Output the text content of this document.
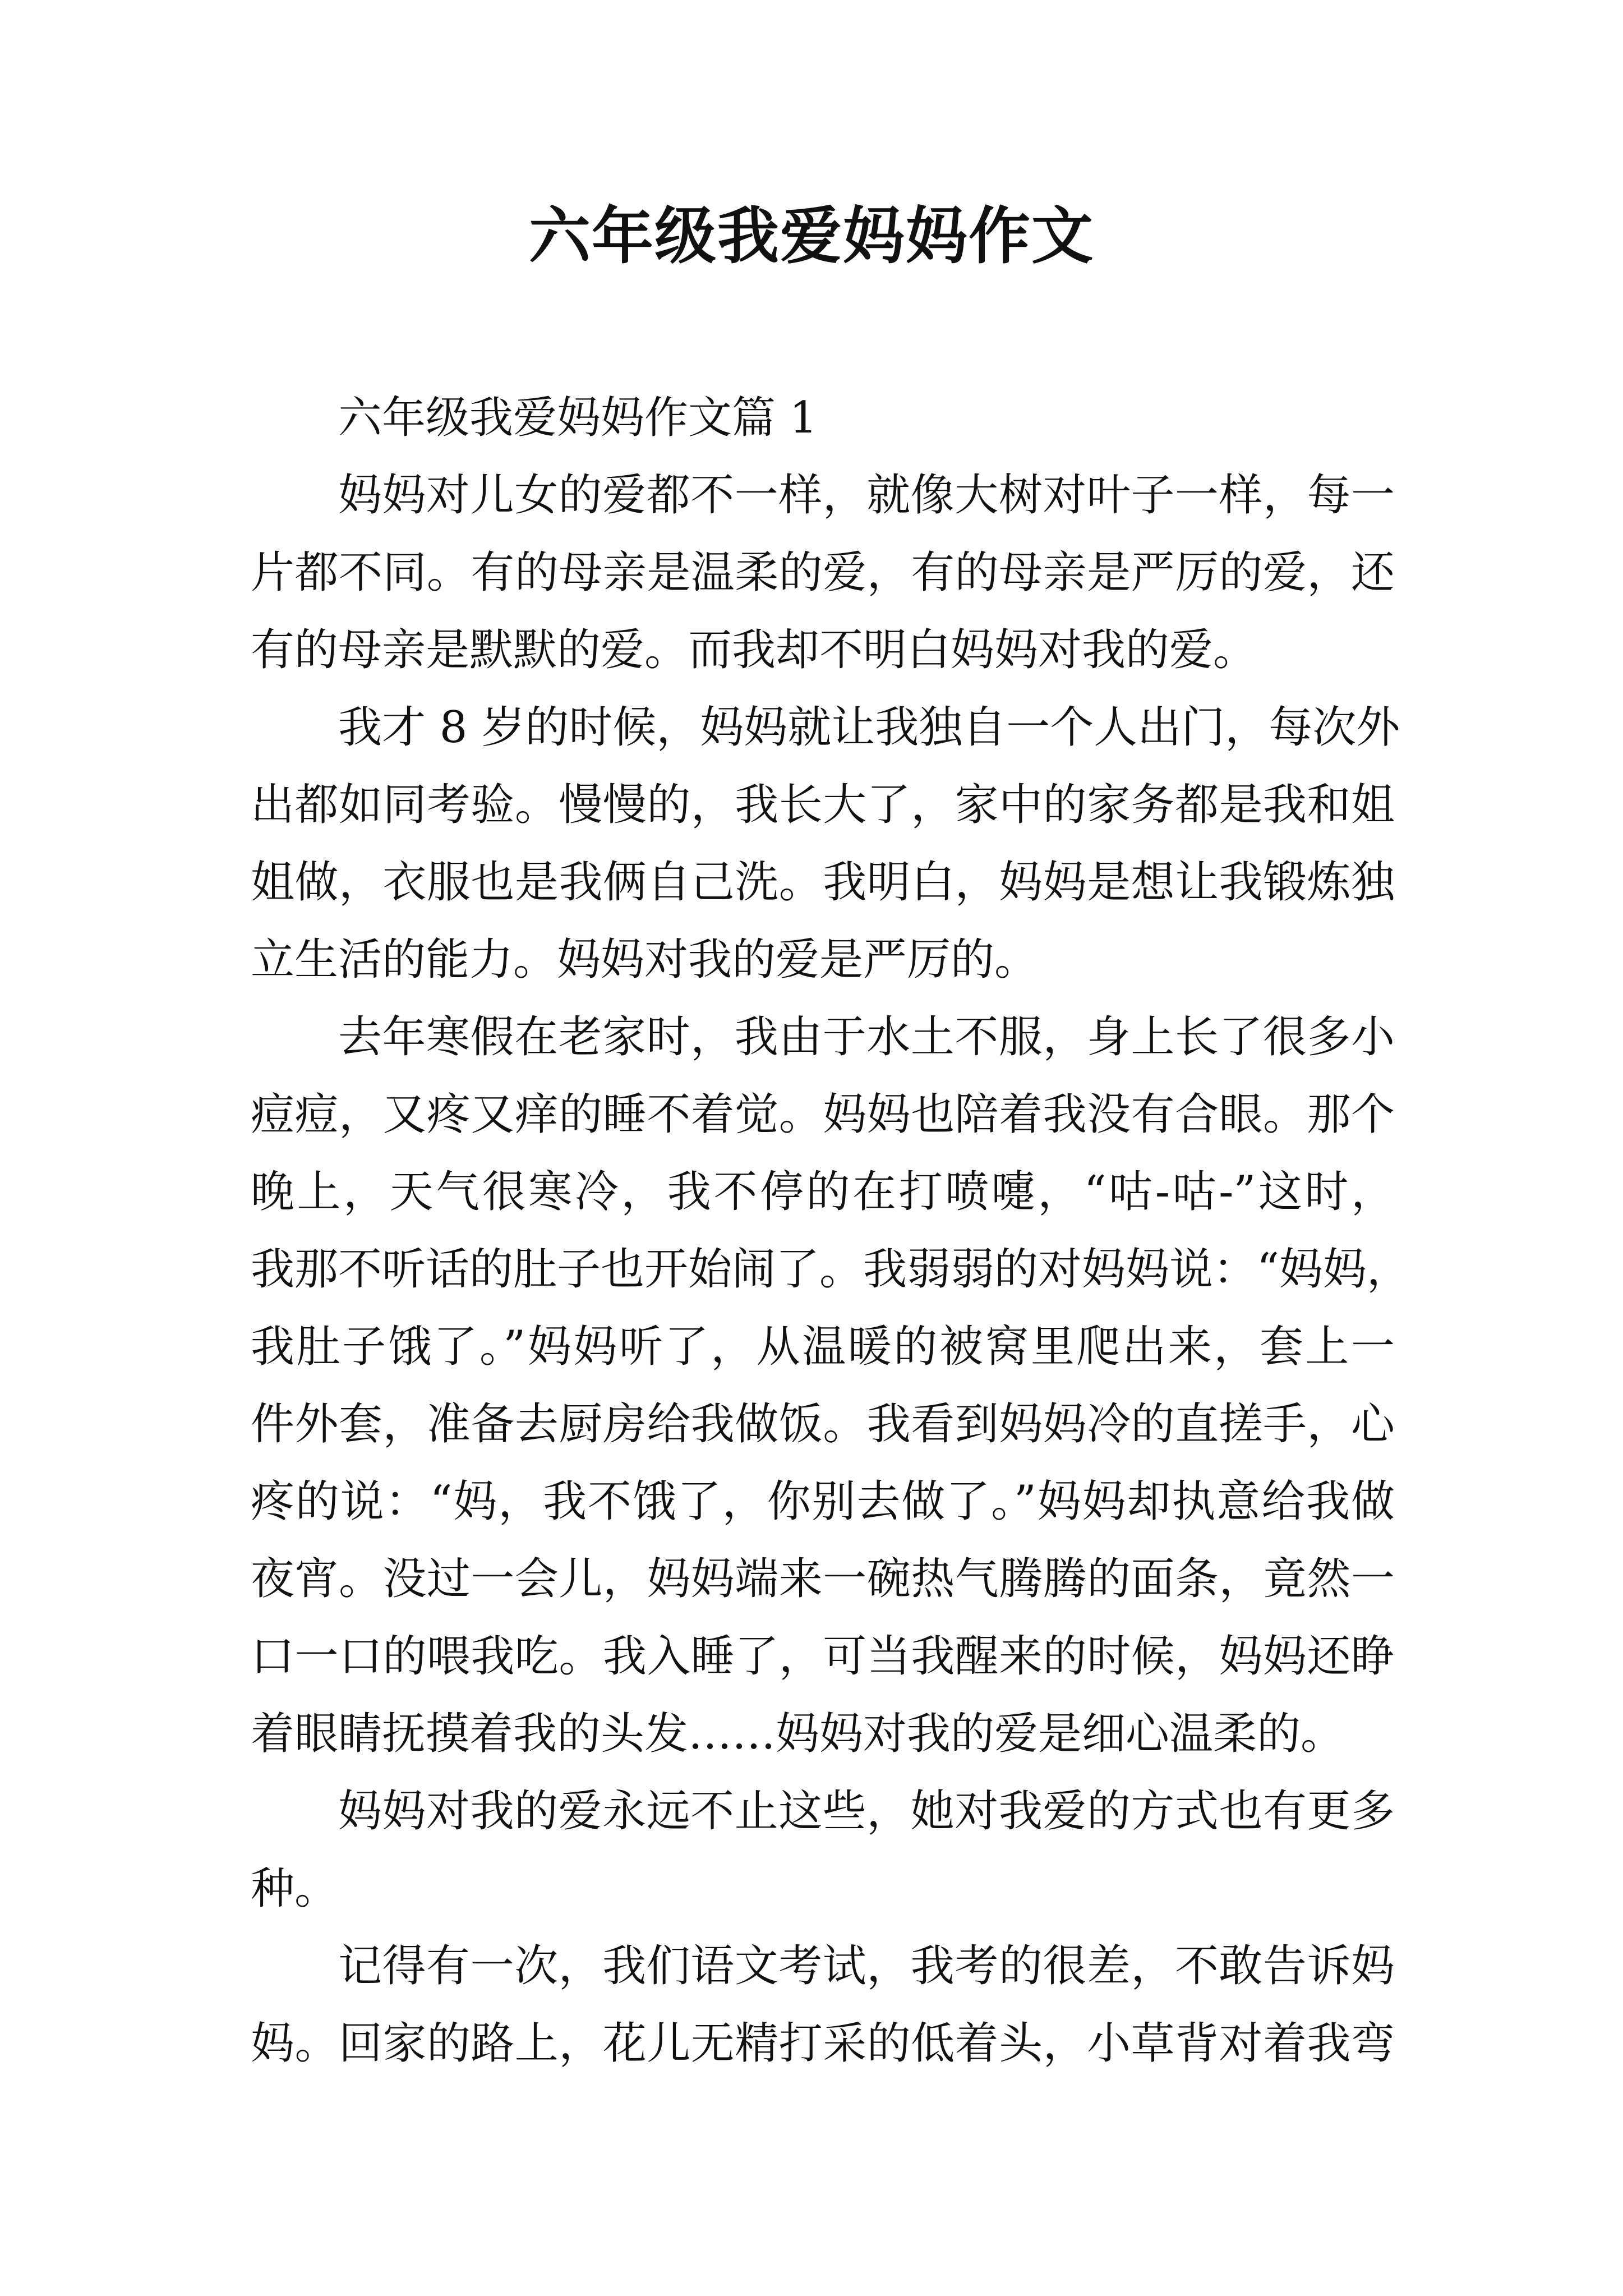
六年级我爱妈妈作文
六年级我爱妈妈作文篇 1
妈妈对儿女的爱都不一样，就像大树对叶子一样，每一
片都不同。有的母亲是温柔的爱，有的母亲是严厉的爱，还
有的母亲是默默的爱。而我却不明白妈妈对我的爱。
我才 8 岁的时候，妈妈就让我独自一个人出门，每次外
出都如同考验。慢慢的，我长大了，家中的家务都是我和姐
姐做，衣服也是我俩自己洗。我明白，妈妈是想让我锻炼独
立生活的能力。妈妈对我的爱是严厉的。
去年寒假在老家时，我由于水土不服，身上长了很多小
痘痘，又疼又痒的睡不着觉。妈妈也陪着我没有合眼。那个
晚上，天气很寒冷，我不停的在打喷嚏，“咕-咕-”这时，
我那不听话的肚子也开始闹了。我弱弱的对妈妈说：“妈妈，
我肚子饿了。”妈妈听了，从温暖的被窝里爬出来，套上一
件外套，准备去厨房给我做饭。我看到妈妈冷的直搓手，心
疼的说：“妈，我不饿了，你别去做了。”妈妈却执意给我做
夜宵。没过一会儿，妈妈端来一碗热气腾腾的面条，竟然一
口一口的喂我吃。我入睡了，可当我醒来的时候，妈妈还睁
着眼睛抚摸着我的头发……妈妈对我的爱是细心温柔的。
妈妈对我的爱永远不止这些，她对我爱的方式也有更多
种。
记得有一次，我们语文考试，我考的很差，不敢告诉妈
妈。回家的路上，花儿无精打采的低着头，小草背对着我弯
